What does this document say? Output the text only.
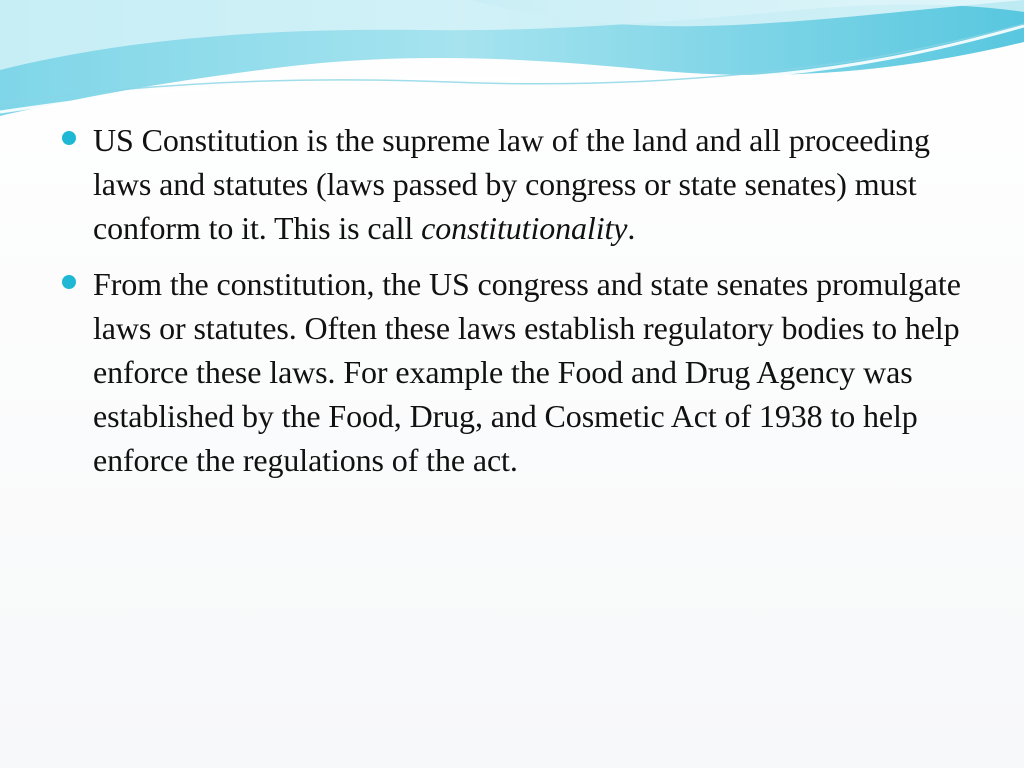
US Constitution is the supreme law of the land and all proceeding laws and statutes (laws passed by congress or state senates) must conform to it. This is call constitutionality.
From the constitution, the US congress and state senates promulgate laws or statutes. Often these laws establish regulatory bodies to help enforce these laws. For example the Food and Drug Agency was established by the Food, Drug, and Cosmetic Act of 1938 to help enforce the regulations of the act.
